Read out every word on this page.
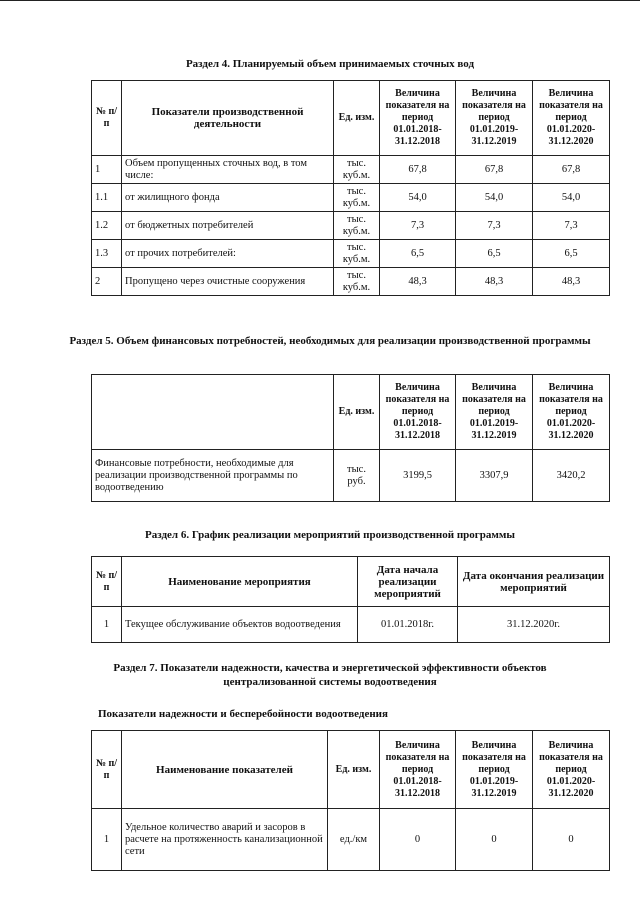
Раздел 4. Планируемый объем принимаемых сточных вод
№ п/п	Показатели производственной деятельности	Ед. изм.	Величина показателя на период 01.01.2018-31.12.2018	Величина показателя на период 01.01.2019-31.12.2019	Величина показателя на период 01.01.2020-31.12.2020
1	Объем пропущенных сточных вод, в том числе:	тыс. куб.м.	67,8	67,8	67,8
1.1	от жилищного фонда	тыс. куб.м.	54,0	54,0	54,0
1.2	от бюджетных потребителей	тыс. куб.м.	7,3	7,3	7,3
1.3	от прочих потребителей:	тыс. куб.м.	6,5	6,5	6,5
2	Пропущено через очистные сооружения	тыс. куб.м.	48,3	48,3	48,3
Раздел 5. Объем финансовых потребностей, необходимых для реализации производственной программы
	Ед. изм.	Величина показателя на период 01.01.2018-31.12.2018	Величина показателя на период 01.01.2019-31.12.2019	Величина показателя на период 01.01.2020-31.12.2020
Финансовые потребности, необходимые для реализации производственной программы по водоотведению	тыс. руб.	3199,5	3307,9	3420,2
Раздел 6. График реализации мероприятий производственной программы
№ п/п	Наименование мероприятия	Дата начала реализации мероприятий	Дата окончания реализации мероприятий
1	Текущее обслуживание объектов водоотведения	01.01.2018г.	31.12.2020г.
Раздел 7. Показатели надежности, качества и энергетической эффективности объектов централизованной системы водоотведения
Показатели надежности и бесперебойности водоотведения
№ п/п	Наименование показателей	Ед. изм.	Величина показателя на период 01.01.2018-31.12.2018	Величина показателя на период 01.01.2019-31.12.2019	Величина показателя на период 01.01.2020-31.12.2020
1	Удельное количество аварий и засоров в расчете на протяженность канализационной сети	ед./км	0	0	0
